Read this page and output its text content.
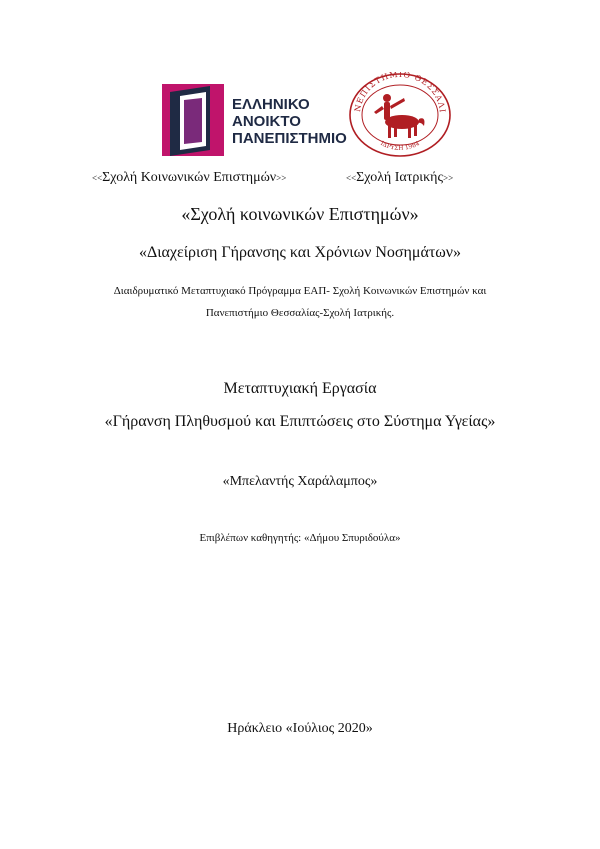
ΕΛΛΗΝΙΚΟ
ΑΝΟΙΚΤΟ
ΠΑΝΕΠΙΣΤΗΜΙΟ
ΝΕΠΙΣΤΗΜΙΟ ΘΕΣΣΑΛΙ
ΙΔΡΥΣΗ 1984
<<Σχολή Κοινωνικών Επιστημών>>	<<Σχολή Ιατρικής>>
«Σχολή κοινωνικών Επιστημών»
«Διαχείριση Γήρανσης και Χρόνιων Νοσημάτων»
Διαιδρυματικό Μεταπτυχιακό Πρόγραμμα ΕΑΠ- Σχολή Κοινωνικών Επιστημών και
Πανεπιστήμιο Θεσσαλίας-Σχολή Ιατρικής.
Μεταπτυχιακή Εργασία
«Γήρανση Πληθυσμού και Επιπτώσεις στο Σύστημα Υγείας»
«Μπελαντής Χαράλαμπος»
Επιβλέπων καθηγητής: «Δήμου Σπυριδούλα»
Ηράκλειο «Ιούλιος 2020»
